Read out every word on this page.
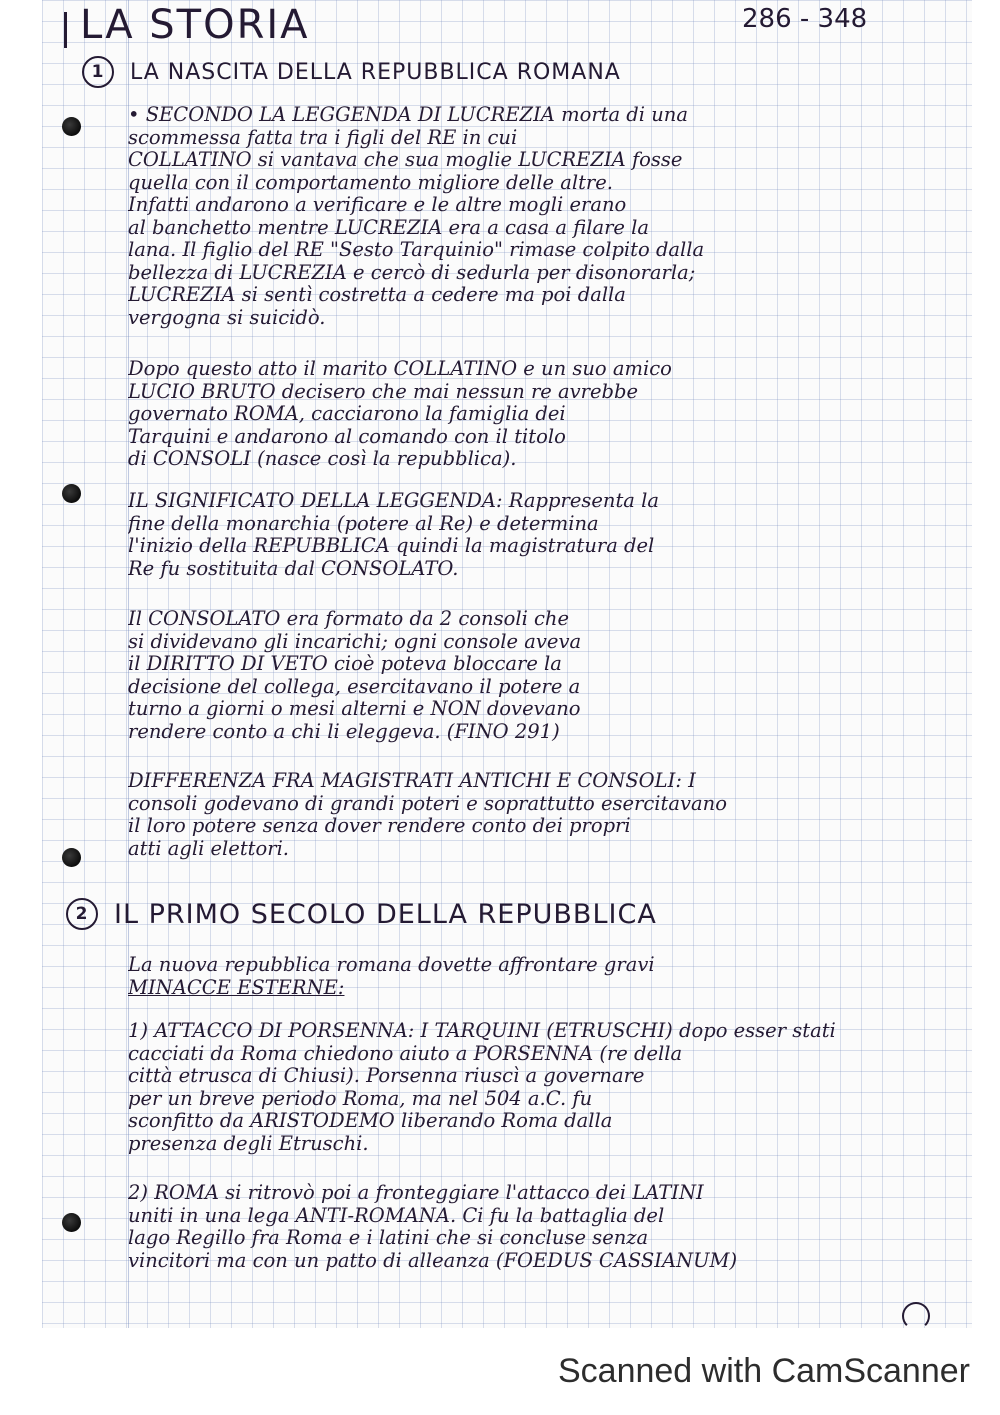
LA STORIA	286 - 348
1	LA NASCITA DELLA REPUBBLICA ROMANA
• SECONDO LA LEGGENDA DI LUCREZIA morta di una
scommessa fatta tra i figli del RE in cui
COLLATINO si vantava che sua moglie LUCREZIA fosse
quella con il comportamento migliore delle altre.
Infatti andarono a verificare e le altre mogli erano
al banchetto mentre LUCREZIA era a casa a filare la
lana. Il figlio del RE "Sesto Tarquinio" rimase colpito dalla
bellezza di LUCREZIA e cercò di sedurla per disonorarla;
LUCREZIA si sentì costretta a cedere ma poi dalla
vergogna si suicidò.
Dopo questo atto il marito COLLATINO e un suo amico
LUCIO BRUTO decisero che mai nessun re avrebbe
governato ROMA, cacciarono la famiglia dei
Tarquini e andarono al comando con il titolo
di CONSOLI (nasce così la repubblica).
IL SIGNIFICATO DELLA LEGGENDA: Rappresenta la
fine della monarchia (potere al Re) e determina
l'inizio della REPUBBLICA quindi la magistratura del
Re fu sostituita dal CONSOLATO.
Il CONSOLATO era formato da 2 consoli che
si dividevano gli incarichi; ogni console aveva
il DIRITTO DI VETO cioè poteva bloccare la
decisione del collega, esercitavano il potere a
turno a giorni o mesi alterni e NON dovevano
rendere conto a chi li eleggeva. (FINO 291)
DIFFERENZA FRA MAGISTRATI ANTICHI E CONSOLI: I
consoli godevano di grandi poteri e soprattutto esercitavano
il loro potere senza dover rendere conto dei propri
atti agli elettori.
2 IL PRIMO SECOLO DELLA REPUBBLICA
La nuova repubblica romana dovette affrontare gravi
MINACCE ESTERNE:
1) ATTACCO DI PORSENNA: I TARQUINI (ETRUSCHI) dopo esser stati
cacciati da Roma chiedono aiuto a PORSENNA (re della
città etrusca di Chiusi). Porsenna riuscì a governare
per un breve periodo Roma, ma nel 504 a.C. fu
sconfitto da ARISTODEMO liberando Roma dalla
presenza degli Etruschi.
2) ROMA si ritrovò poi a fronteggiare l'attacco dei LATINI
uniti in una lega ANTI-ROMANA. Ci fu la battaglia del
lago Regillo fra Roma e i latini che si concluse senza
vincitori ma con un patto di alleanza (FOEDUS CASSIANUM)
Scanned with CamScanner
